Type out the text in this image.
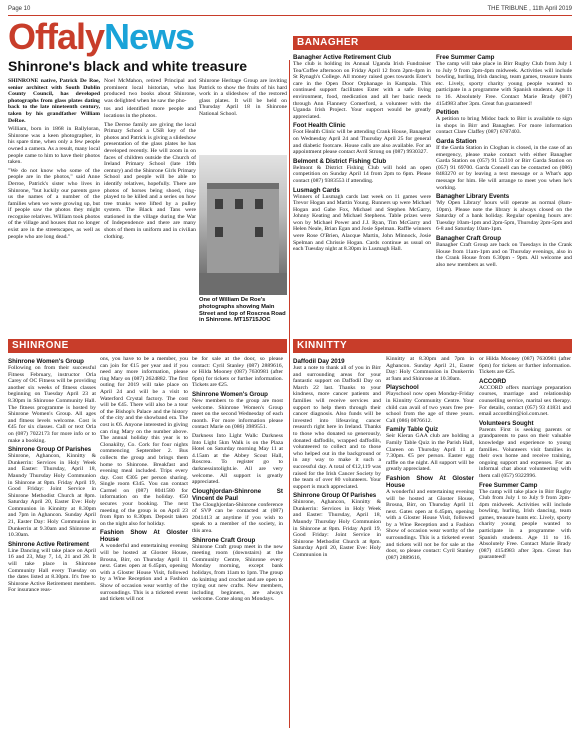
Page 10	THE TRIBUNE , 11th April 2019
OffalyNews
Shinrone's black and white treasure

SHINRONE native, Patrick De Roe, senior architect with South Dublin County Council, has developed photographs from glass plates dating back to the late nineteenth century, taken by his grandfather William DeRoe.

William, born in 1868 in Ballyloran, Shinrone was a keen photographer, in his spare time, when only a few people owned a camera. As a result, many local people came to him to have their photos taken.

"We do not know who some of the people are in the photos," said Anne Derroe, Patrick's sister who lives in Shinrone, "but luckily our parents gave us the names of a number of the families when we were growing up, but if people saw the photos they might recognise relatives. William took photos of the village and houses that no longer exist are in the streetscapes, as well as people who are long dead."

Noel McMahon, retired Principal and prominent local historian, who has produced two books about Shinrone, was delighted when he saw the pho-

tos and identified more people and locations in the photos.

The Derroe family are giving the local Primary School a USB key of the photos and Patrick is giving a slideshow presentation of the glass plates he has developed recently. He will zoom in on faces of children outside the Church of Ireland Primary School (late 19th century) and the Shinrone Girls Primary School and people will be able to identify relatives, hopefully. There are photos of horses being shoed, ring-played to be killed and a series on how tree trunks were lifted by a pulley system. The Black and Tans were stationed in the village during the War of Independence and there are many shots of them in uniform and in civilian clothing.

Shinrone Heritage Group are inviting Patrick to show the fruits of his hard work in a slideshow of the restored glass plates. It will be held on Thursday April 18 in Shinrone National School.

One of William De Roe's photographs showing Main Street and top of Roscrea Road in Shinrone. MT15715JOC
SHINRONE
Shinrone Women's Group

Following on from their successful Fitness February, instructor Orla Carey of OC Fitness will be providing another six weeks of fitness classes beginning on Tuesday April 23 at 8.30pm in Shinrone Community Hall. The fitness programme is hosted by Shinrone Women's Group. All ages and fitness levels welcome. Cost is €45 for six classes. Call or text Orla on (087) 7022173 for more info or to make a booking.

Shinrone Group Of Parishes

Shinrone, Aghancon, Kinnitty & Dunkerrin: Services in Holy Week and Easter: Thursday, April 18, Maundy Thursday Holy Communion in Shinrone at 8pm. Friday April 19, Good Friday: Joint Service in Shinrone Methodist Church at 8pm. Saturday April 20, Easter Eve: Holy Communion in Kinnitty at 8.30pm and 7pm in Aghancon. Sunday April 21, Easter Day: Holy Communion in Dunkerrin at 9.30am and Shinrone at 10.30am.

Shinrone Active Retirement

Line Dancing will take place on April 16 and 23, May 7, 14, 21 and 28. It will take place in Shinrone Community Hall every Tuesday on the dates listed at 8.30pm. It's free to Shinrone Active Retirement members. For insurance reas-

ons, you have to be a member, you can join for €15 per year and if you need any more information, please ring Mary on (087) 2624882. The first outing for 2019 will take place on April 24 and will be a visit to Waterford Crystal factory. The cost will be €45. There will also be a tour of the Bishop's Palace and the history of the city and the showband era. The cost is €6. Anyone interested in giving can ring Mary on the number above. The annual holiday this year is to Clonakilty, Co. Cork for four nights commencing September 2. Bus collects the group and brings them home to Shinrone. Breakfast and evening meal included. Trips every day. Cost €305 per person sharing. Single room €345. You can contact Carmel on (087) 8041580 for information on the holiday. €50 secures your booking. The next meeting of the group is on April 23 from 8pm to 8.30pm. Deposit taken on the night also for holiday.

Fashion Show At Gloster House

A wonderful and entertaining evening will be hosted at Gloster House, Brosna, Birr, on Thursday April 11 next. Gates open at 6.45pm, opening with a Gloster House Visit, followed by a Wine Reception and a Fashion Show of occasion wear worthy of the surroundings. This is a ticketed event and tickets will not

be for sale at the door, so please contact: Cyril Stanley (087) 2889616, or Hilda Mooney (087) 7630981 (after 6pm) for tickets or further information. Tickets are €25.

Shinrone Women's Group

New members to the group are most welcome. Shinrone Women's Group meet on the second Wednesday of each month. For more information please contact Marie on (086) 3989551.

Darkness Into Light Walk: Darkness Into Light 5km Walk is on the Plaza Hotel on Saturday morning May 11 at 4.15am at the Abbey Scout Hall, Roscrea. To register go to darknessintolight.ie. All are very welcome. All support is greatly appreciated.

Cloughjordan-Shinrone St Vincent de Paul

The Cloughjordan-Shinrone conference of SVP can be contacted at (087) 2041413 at anytime if you wish to speak to a member of the society, in this area.

Shinrone Craft Group

Shinrone Craft group meet in the new meeting room (downstairs) at the Community Centre, Shinrone every Monday morning, except bank holidays, from 11am to 1pm. The group do knitting and crochet and are open to trying out new crafts. New members, including beginners, are always welcome. Come along on Mondays.

BANAGHER
Banagher Active Retirement Club

The club is holding its Annual Uganda Irish Fundraiser Tea/Coffee afternoon on Friday April 12 from 2pm-4pm in St Rynagh's College. All money raised goes towards Ester's care in the Open Door Orphanage in Kampala. This continued support facilitates Ester with a safe living environment, food, medication and all her basic needs through Ann Flannery Comerford, a volunteer with the Uganda Irish Project. Your support would be greatly appreciated.

Foot Health Clinic

Foot Health Clinic will be attending Crank House, Banagher on Wednesday April 24 and Thursday April 25 for general and diabetic footcare. House calls are also available. For an appointment please contact Avril Strong on (087) 9930327.

Belmont & District Fishing Club

Belmont & District Fishing Club will hold an open competition on Sunday April 14 from 2pm to 6pm. Please contact (087) 9383553 if attending.

Lusmagh Cards

Winners of Lusmagh cards last week on 11 games were Trevor Hogan and Martin Young. Runners up were Michael Hogan and Gabe Fox, Michael and Stephen McGarry, Johnny Keating and Michael Stephens. Table prizes were won by Michael Power and J.J. Ryan, Tim McGarry and Helen Neale, Brian Egan and Josie Spelman. Raffle winners were Rose O'Brien, Alacque Martin, John Minnock, Josie Spelman and Chrissie Hogan. Cards continue as usual on each Tuesday night at 8.30pm in Lusmagh Hall.

Free Summer Camp

The camp will take place in Birr Rugby Club from July 1 to July 9 from 2pm-4pm midweek. Activities will include bowling, hurling, Irish dancing, team games, treasure hunts etc. Lively, sporty charity young people wanted to participate in a programme with Spanish students. Age 11 to 16. Absolutely Free. Contact Marie Brady (087) 4154983 after 3pm. Great fun guaranteed!

Petition

A petition to bring Midoc back to Birr is available to sign in shops in Birr and Banagher. For more information contact Clare Claffey (087) 6787403.

Garda Station

If the Garda Station in Cloghan is closed, in the case of an emergency, please make contact with either Banagher Garda Station on (057) 91 51310 or Birr Garda Station on (057) 91 69700. Garda Connell can be contacted on (086) 8483270 or by leaving a text message or a What's app message for him. He will arrange to meet you when he's working.

Banagher Library Events

'My Open Library' hours will operate as normal (8am-10pm). Please note the library is always closed on the Saturday of a bank holiday. Regular opening hours are: Tuesday 10am-1pm and 2pm-5pm, Thursday 2pm-5pm and 6-8 and Saturday 10am-1pm.

Banagher Craft Group

Banagher Craft Group are back on Tuesdays in the Crank House from 11am-1pm and on Thursday evenings, also in the Crank House from 6.30pm - 9pm. All welcome and also new members as well.

KINNITTY
Daffodil Day 2019

Just a note to thank all of you in Birr and surrounding areas for your fantastic support on Daffodil Day on March 22 last. Thanks to your kindness, more cancer patients and families will receive services and support to help them through their cancer diagnosis. Also funds will be invested into lifesaving cancer research right here in Ireland. Thanks to those who donated so generously, donated daffodils, wrapped daffodils, volunteered to collect and to those who helped out in the background or in any way to make it such a successful day. A total of €12,119 was raised for the Irish Cancer Society by the team of over 80 volunteers. Your support is much appreciated.

Shinrone Group Of Parishes

Shinrone, Aghancon, Kinnitty & Dunkerrin: Services in Holy Week and Easter: Thursday, April 18, Maundy Thursday Holy Communion in Shinrone at 8pm. Friday April 19, Good Friday: Joint Service in Shinrone Methodist Church at 8pm. Saturday April 20, Easter Eve: Holy Communion in

Kinnitty at 8.30pm and 7pm in Aghancon. Sunday April 21, Easter Day: Holy Communion in Dunkerrin at 9am and Shinrone at 10.30am.

Playschool

Playschool now open Monday-Friday in Kinnitty Community Centre. Your child can avail of two years free pre-school from the age of three years. Call (086) 0876612.

Family Table Quiz

Seir Kieran GAA club are holding a Family Table Quiz in the Parish Hall, Clareen on Thursday April 11 at 7.30pm. €5 per person. Easter egg raffle on the night. All support will be greatly appreciated.

Fashion Show At Gloster House

A wonderful and entertaining evening will be hosted at Gloster House, Brosna, Birr, on Thursday April 11 next. Gates open at 6.45pm, opening with a Gloster House Visit, followed by a Wine Reception and a Fashion Show of occasion wear worthy of the surroundings. This is a ticketed event and tickets will not be for sale at the door, so please contact: Cyril Stanley (087) 2889616,

or Hilda Mooney (087) 7630981 (after 6pm) for tickets or further information. Tickets are €25.

ACCORD

ACCORD offers marriage preparation courses, marriage and relationship counselling service, marital sex therapy. For details, contact (057) 93 41831 and email accordbirr@iol.com.net.

Volunteers Sought

Parents First is seeking parents or grandparents to pass on their valuable knowledge and experience to young families. Volunteers visit families in their own home and receive training, ongoing support and expenses. For an informal chat about volunteering with them call (057) 9322996.

Free Summer Camp

The camp will take place in Birr Rugby Club from July 1 to July 9 from 2pm-4pm midweek. Activities will include bowling, hurling, Irish dancing, team games, treasure hunts etc. Lively, sporty charity young people wanted to participate in a programme with Spanish students. Age 11 to 16. Absolutely Free. Contact Marie Brady (087) 4154983 after 3pm. Great fun guaranteed!
